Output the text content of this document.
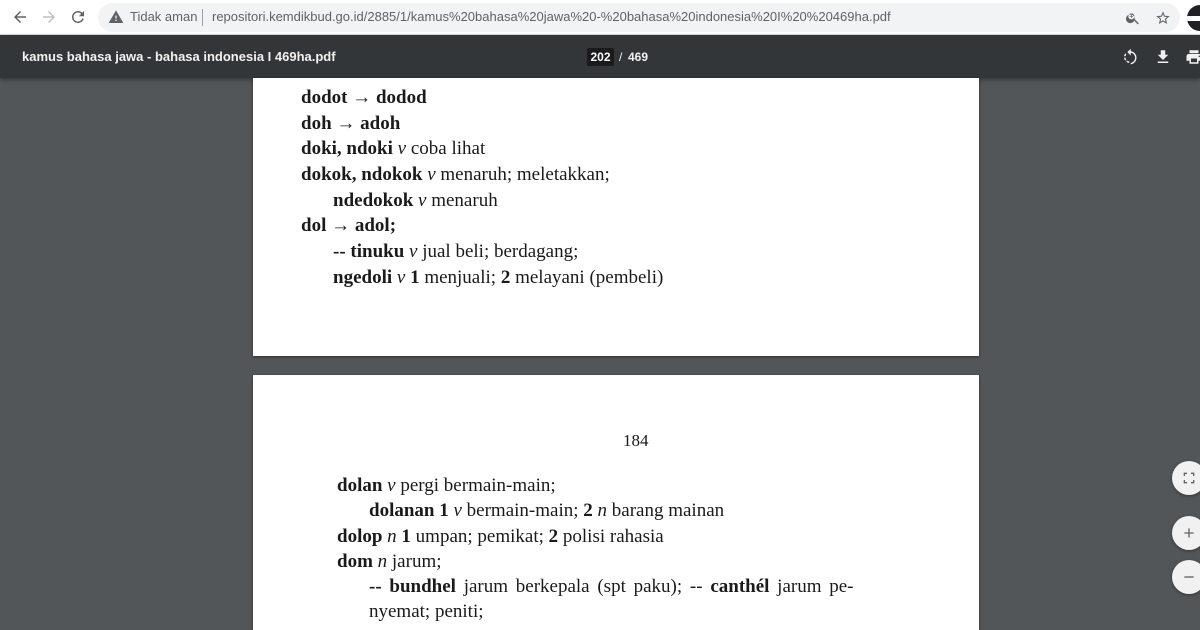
Tidak aman repositori.kemdikbud.go.id/2885/1/kamus%20bahasa%20jawa%20-%20bahasa%20indonesia%20I%20%20469ha.pdf
kamus bahasa jawa - bahasa indonesia I 469ha.pdf	202 / 469
dodot → dodod
doh → adoh
doki, ndoki v coba lihat
dokok, ndokok v menaruh; meletakkan;
ndedokok v menaruh
dol → adol;
-- tinuku v jual beli; berdagang;
ngedoli v 1 menjuali; 2 melayani (pembeli)
184
dolan v pergi bermain-main;
dolanan 1 v bermain-main; 2 n barang mainan
dolop n 1 umpan; pemikat; 2 polisi rahasia
dom n jarum;
-- bundhel jarum berkepala (spt paku); -- canthél jarum pe-
nyemat; peniti;
